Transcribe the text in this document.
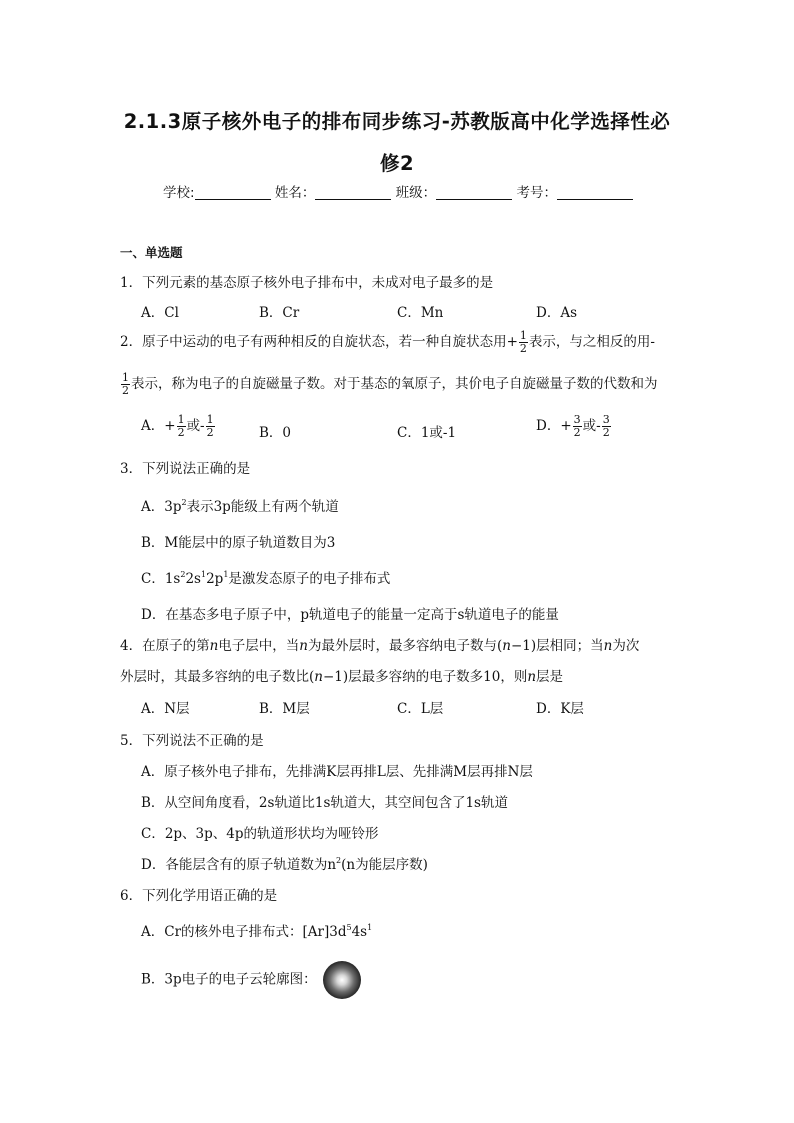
2.1.3原子核外电子的排布同步练习-苏教版高中化学选择性必
修2
学校:	姓名：	班级：	考号：
一、单选题
1．下列元素的基态原子核外电子排布中，未成对电子最多的是
A．Cl	B．Cr	C．Mn	D．As
2．原子中运动的电子有两种相反的自旋状态，若一种自旋状态用+ $\frac{1}{2}$ 表示，与之相反的用-
$\frac{1}{2}$ 表示，称为电子的自旋磁量子数。对于基态的氧原子，其价电子自旋磁量子数的代数和为
A．+ $\frac{1}{2}$ 或- $\frac{1}{2}$	B．0	C．1或-1	D．+ $\frac{3}{2}$ 或- $\frac{3}{2}$
3．下列说法正确的是
A．$3p^2$表示3p能级上有两个轨道
B．M能层中的原子轨道数目为3
C．$1s^22s^12p^1$是激发态原子的电子排布式
D．在基态多电子原子中，p轨道电子的能量一定高于s轨道电子的能量
4．在原子的第n电子层中，当n为最外层时，最多容纳电子数与(n−1)层相同；当n为次
外层时，其最多容纳的电子数比(n−1)层最多容纳的电子数多10，则n层是
A．N层	B．M层	C．L层	D．K层
5．下列说法不正确的是
A．原子核外电子排布，先排满K层再排L层、先排满M层再排N层
B．从空间角度看，2s轨道比1s轨道大，其空间包含了1s轨道
C．2p、3p、4p的轨道形状均为哑铃形
D．各能层含有的原子轨道数为$n^2(n$为能层序数)
6．下列化学用语正确的是
A．Cr的核外电子排布式：$[Ar]3d^54s^1$
B．3p电子的电子云轮廓图：
